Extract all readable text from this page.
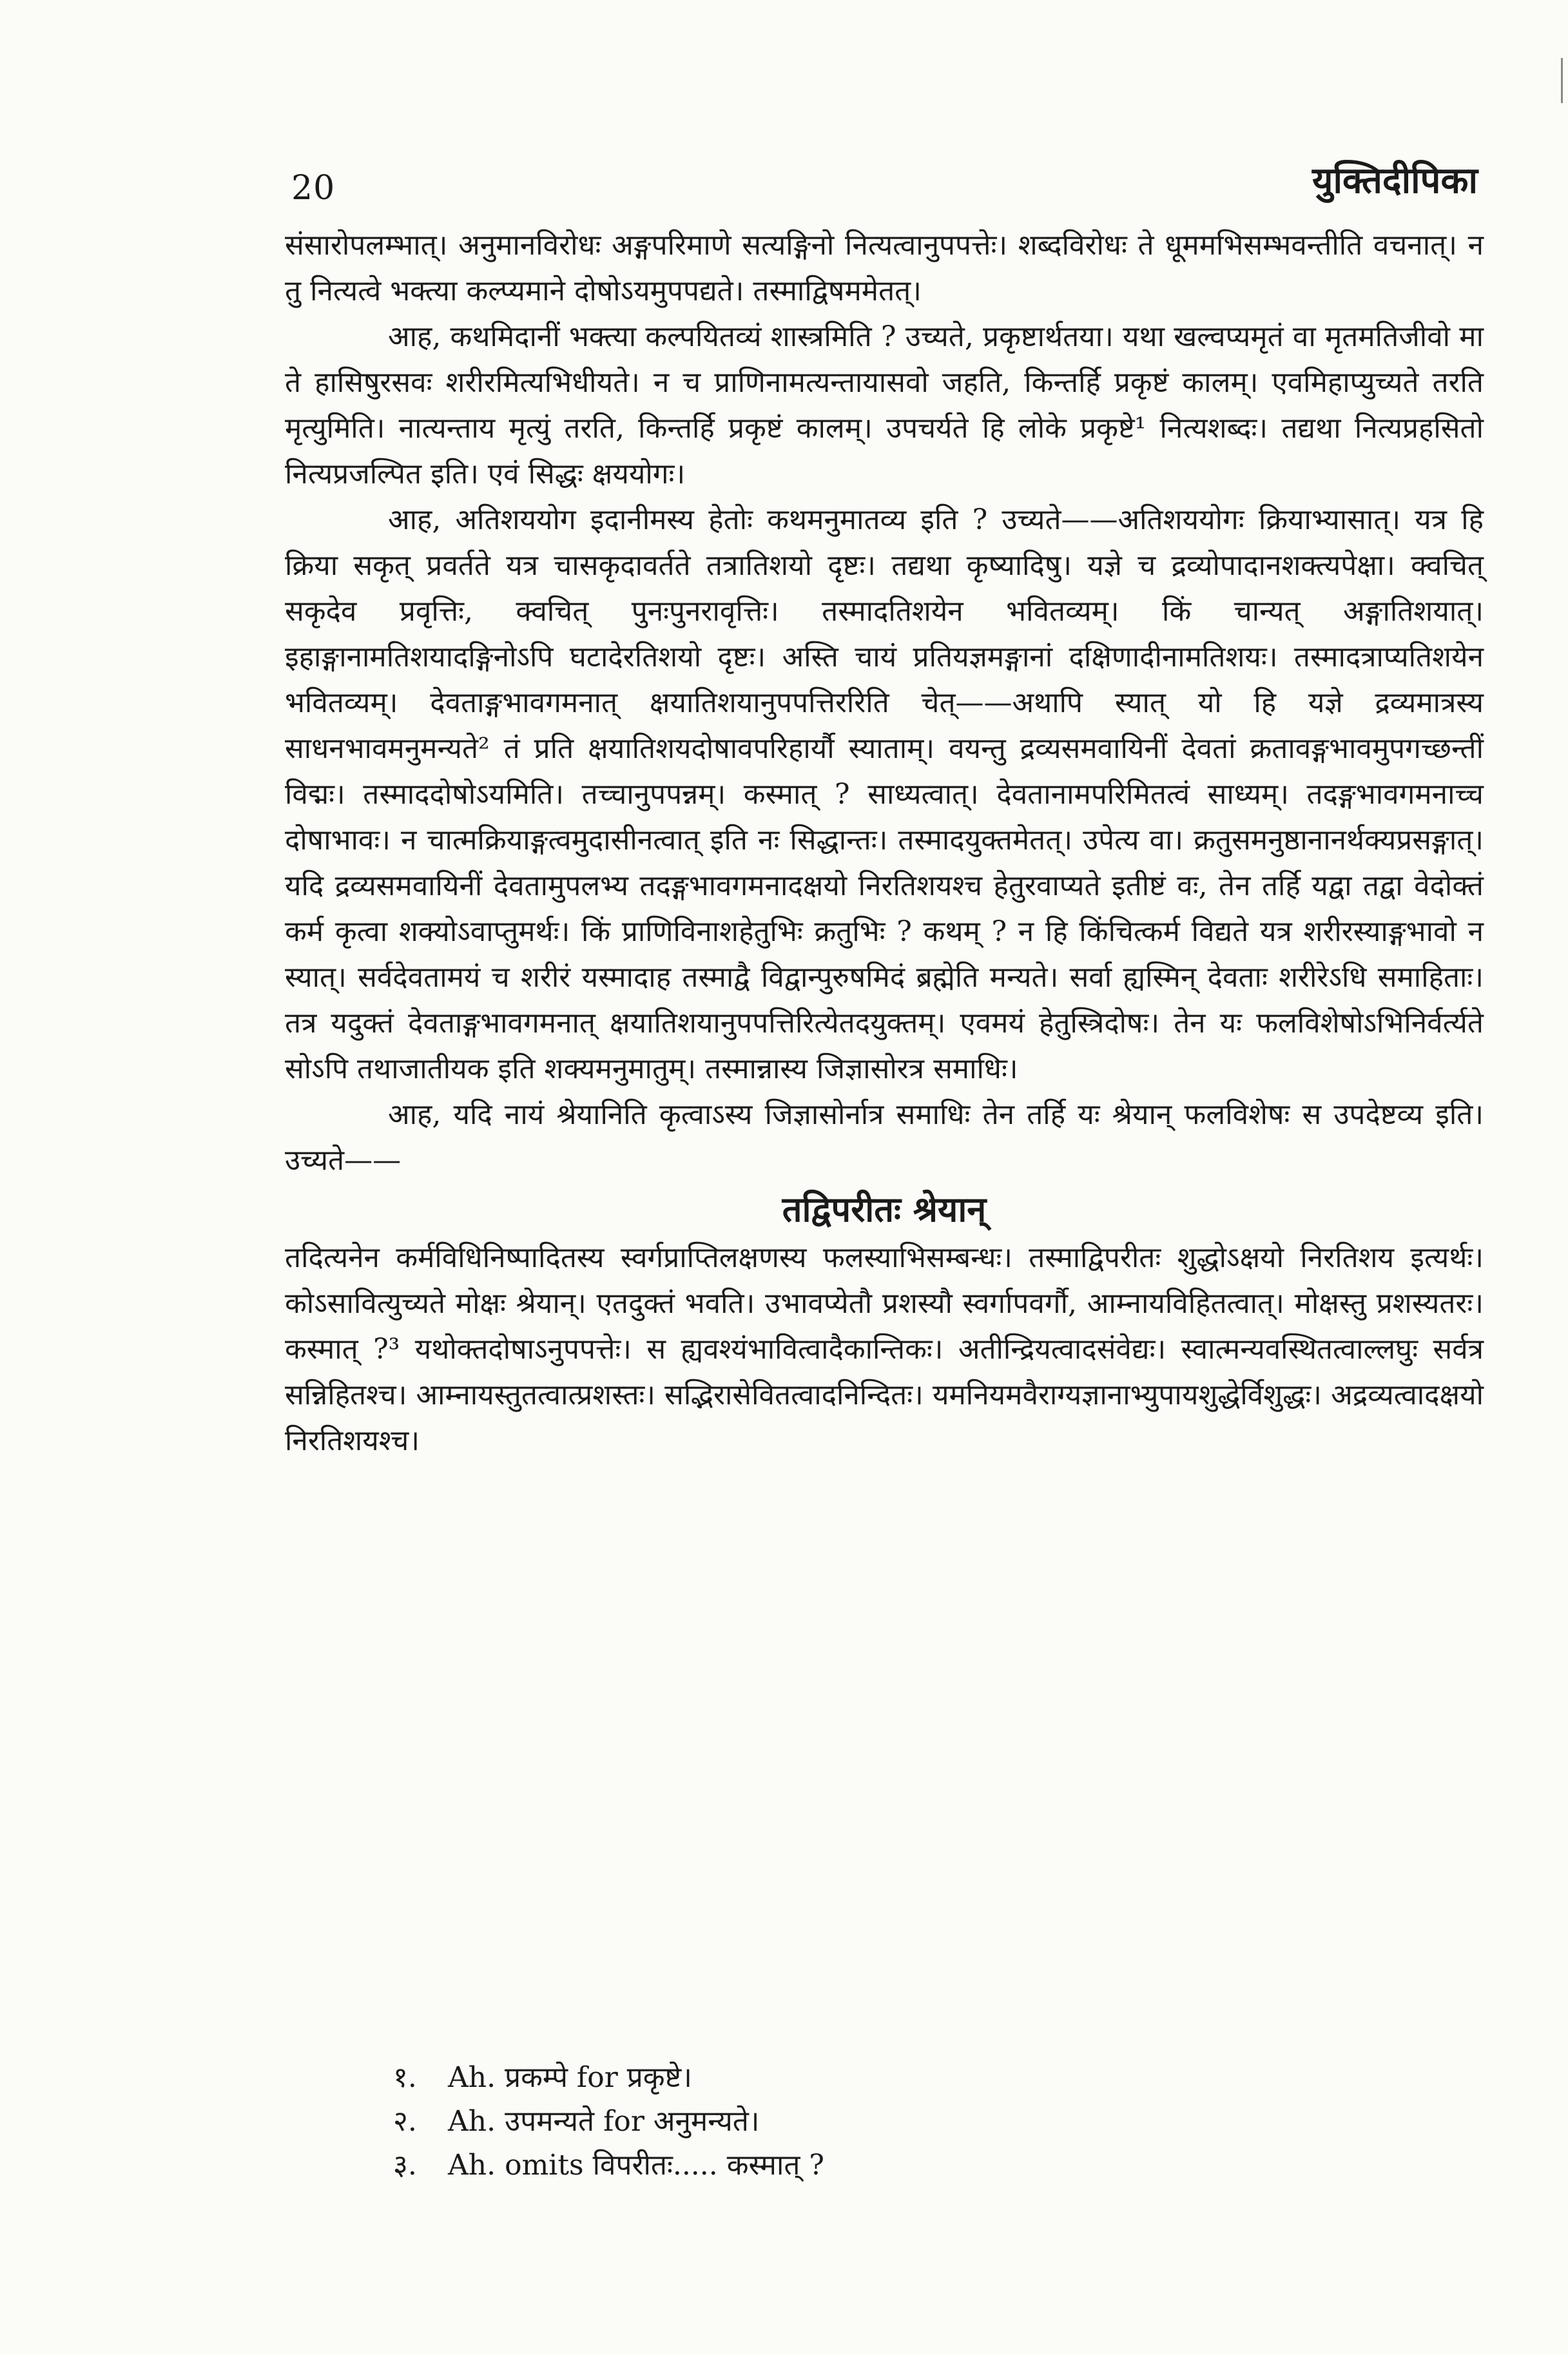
20	युक्तिदीपिका

संसारोपलम्भात्। अनुमानविरोधः अङ्गपरिमाणे सत्यङ्गिनो नित्यत्वानुपपत्तेः। शब्दविरोधः ते धूममभिसम्भवन्तीति वचनात्। न तु नित्यत्वे भक्त्या कल्प्यमाने दोषोऽयमुपपद्यते। तस्माद्विषममेतत्।

आह, कथमिदानीं भक्त्या कल्पयितव्यं शास्त्रमिति ? उच्यते, प्रकृष्टार्थतया। यथा खल्वप्यमृतं वा मृतमतिजीवो मा ते हासिषुरसवः शरीरमित्यभिधीयते। न च प्राणिनामत्यन्तायासवो जहति, किन्तर्हि प्रकृष्टं कालम्। एवमिहाप्युच्यते तरति मृत्युमिति। नात्यन्ताय मृत्युं तरति, किन्तर्हि प्रकृष्टं कालम्। उपचर्यते हि लोके प्रकृष्टे¹ नित्यशब्दः। तद्यथा नित्यप्रहसितो नित्यप्रजल्पित इति। एवं सिद्धः क्षययोगः।

आह, अतिशययोग इदानीमस्य हेतोः कथमनुमातव्य इति ? उच्यते——अतिशययोगः क्रियाभ्यासात्। यत्र हि क्रिया सकृत् प्रवर्तते यत्र चासकृदावर्तते तत्रातिशयो दृष्टः। तद्यथा कृष्यादिषु। यज्ञे च द्रव्योपादानशक्त्यपेक्षा। क्वचित् सकृदेव प्रवृत्तिः, क्वचित् पुनःपुनरावृत्तिः। तस्मादतिशयेन भवितव्यम्। किं चान्यत् अङ्गातिशयात्। इहाङ्गानामतिशयादङ्गिनोऽपि घटादेरतिशयो दृष्टः। अस्ति चायं प्रतियज्ञमङ्गानां दक्षिणादीनामतिशयः। तस्मादत्राप्यतिशयेन भवितव्यम्। देवताङ्गभावगमनात् क्षयातिशयानुपपत्तिररिति चेत्——अथापि स्यात् यो हि यज्ञे द्रव्यमात्रस्य साधनभावमनुमन्यते² तं प्रति क्षयातिशयदोषावपरिहार्यौ स्याताम्। वयन्तु द्रव्यसमवायिनीं देवतां क्रतावङ्गभावमुपगच्छन्तीं विद्मः। तस्माददोषोऽयमिति। तच्चानुपपन्नम्। कस्मात् ? साध्यत्वात्। देवतानामपरिमितत्वं साध्यम्। तदङ्गभावगमनाच्च दोषाभावः। न चात्मक्रियाङ्गत्वमुदासीनत्वात् इति नः सिद्धान्तः। तस्मादयुक्तमेतत्। उपेत्य वा। क्रतुसमनुष्ठानानर्थक्यप्रसङ्गात्। यदि द्रव्यसमवायिनीं देवतामुपलभ्य तदङ्गभावगमनादक्षयो निरतिशयश्च हेतुरवाप्यते इतीष्टं वः, तेन तर्हि यद्वा तद्वा वेदोक्तं कर्म कृत्वा शक्योऽवाप्तुमर्थः। किं प्राणिविनाशहेतुभिः क्रतुभिः ? कथम् ? न हि किंचित्कर्म विद्यते यत्र शरीरस्याङ्गभावो न स्यात्। सर्वदेवतामयं च शरीरं यस्मादाह तस्माद्वै विद्वान्पुरुषमिदं ब्रह्मेति मन्यते। सर्वा ह्यस्मिन् देवताः शरीरेऽधि समाहिताः। तत्र यदुक्तं देवताङ्गभावगमनात् क्षयातिशयानुपपत्तिरित्येतदयुक्तम्। एवमयं हेतुस्त्रिदोषः। तेन यः फलविशेषोऽभिनिर्वर्त्यते सोऽपि तथाजातीयक इति शक्यमनुमातुम्। तस्मान्नास्य जिज्ञासोरत्र समाधिः।

आह, यदि नायं श्रेयानिति कृत्वाऽस्य जिज्ञासोर्नात्र समाधिः तेन तर्हि यः श्रेयान् फलविशेषः स उपदेष्टव्य इति। उच्यते——

तद्विपरीतः श्रेयान्

तदित्यनेन कर्मविधिनिष्पादितस्य स्वर्गप्राप्तिलक्षणस्य फलस्याभिसम्बन्धः। तस्माद्विपरीतः शुद्धोऽक्षयो निरतिशय इत्यर्थः। कोऽसावित्युच्यते मोक्षः श्रेयान्। एतदुक्तं भवति। उभावप्येतौ प्रशस्यौ स्वर्गापवर्गौ, आम्नायविहितत्वात्। मोक्षस्तु प्रशस्यतरः। कस्मात् ?³ यथोक्तदोषाऽनुपपत्तेः। स ह्यवश्यंभावित्वादैकान्तिकः। अतीन्द्रियत्वादसंवेद्यः। स्वात्मन्यवस्थितत्वाल्लघुः सर्वत्र सन्निहितश्च। आम्नायस्तुतत्वात्प्रशस्तः। सद्भिरासेवितत्वादनिन्दितः। यमनियमवैराग्यज्ञानाभ्युपायशुद्धेर्विशुद्धः। अद्रव्यत्वादक्षयो निरतिशयश्च।

१.	Ah. प्रकम्पे for प्रकृष्टे।
२.	Ah. उपमन्यते for अनुमन्यते।
३.	Ah. omits विपरीतः..... कस्मात् ?
